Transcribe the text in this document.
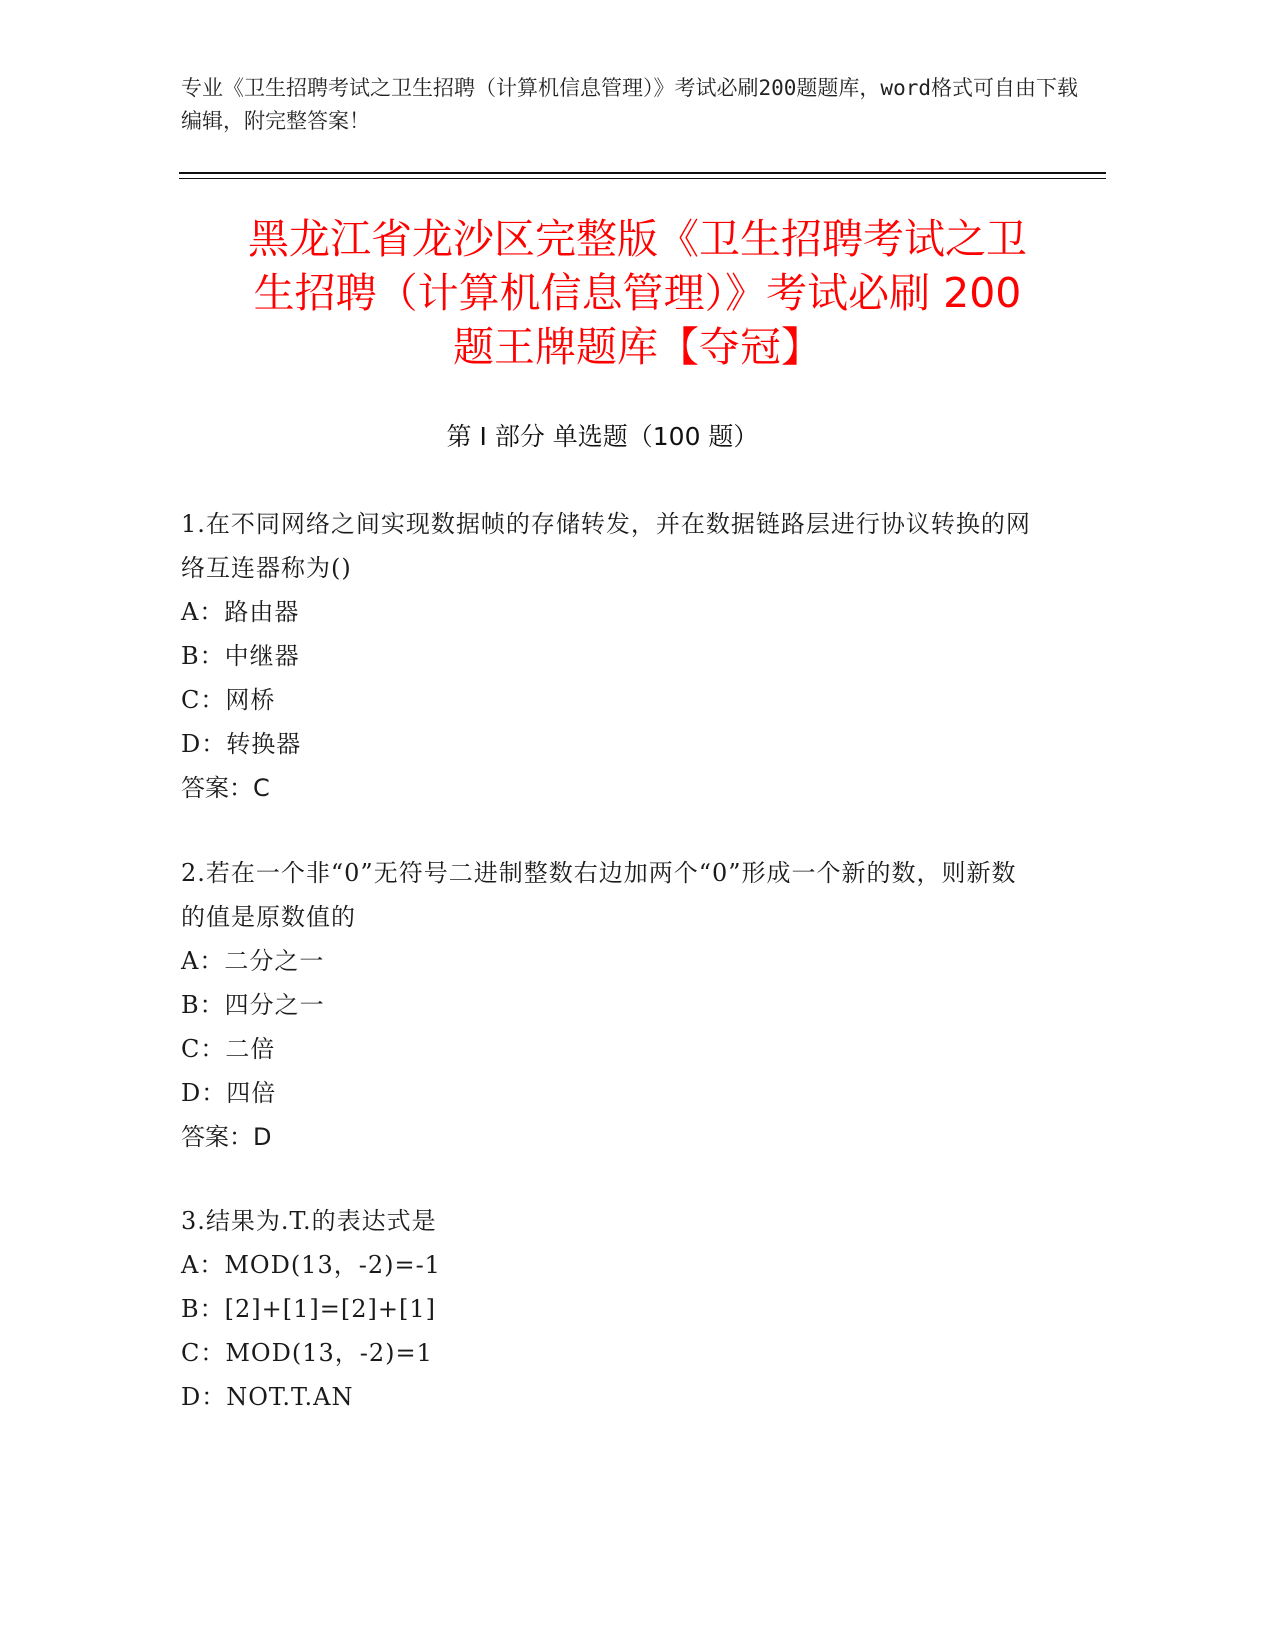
专业《卫生招聘考试之卫生招聘（计算机信息管理）》考试必刷200题题库，word格式可自由下载编辑，附完整答案！
黑龙江省龙沙区完整版《卫生招聘考试之卫
生招聘（计算机信息管理）》考试必刷 200
题王牌题库【夺冠】
第 I 部分 单选题（100 题）
1.在不同网络之间实现数据帧的存储转发，并在数据链路层进行协议转换的网络互连器称为()
A：路由器
B：中继器
C：网桥
D：转换器
答案：C
2.若在一个非“0”无符号二进制整数右边加两个“0”形成一个新的数，则新数的值是原数值的
A：二分之一
B：四分之一
C：二倍
D：四倍
答案：D
3.结果为.T.的表达式是
A：MOD(13，-2)=-1
B：[2]+[1]=[2]+[1]
C：MOD(13，-2)=1
D：NOT.T.AN
